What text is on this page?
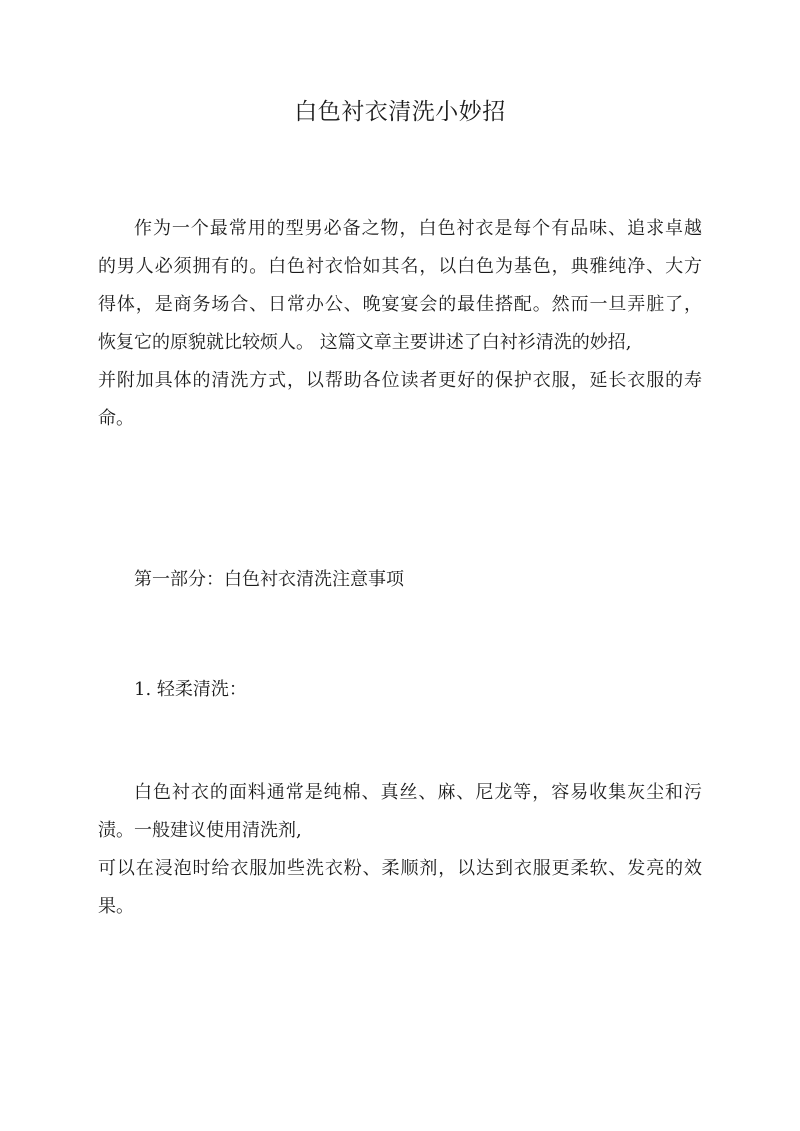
白色衬衣清洗小妙招

作为一个最常用的型男必备之物，白色衬衣是每个有品味、追求卓越
的男人必须拥有的。白色衬衣恰如其名，以白色为基色，典雅纯净、大方
得体，是商务场合、日常办公、晚宴宴会的最佳搭配。然而一旦弄脏了，
恢复它的原貌就比较烦人。 这篇文章主要讲述了白衬衫清洗的妙招,
并附加具体的清洗方式，以帮助各位读者更好的保护衣服，延长衣服的寿
命。

第一部分：白色衬衣清洗注意事项
1. 轻柔清洗：

白色衬衣的面料通常是纯棉、真丝、麻、尼龙等，容易收集灰尘和污
渍。一般建议使用清洗剂,
可以在浸泡时给衣服加些洗衣粉、柔顺剂，以达到衣服更柔软、发亮的效
果。
